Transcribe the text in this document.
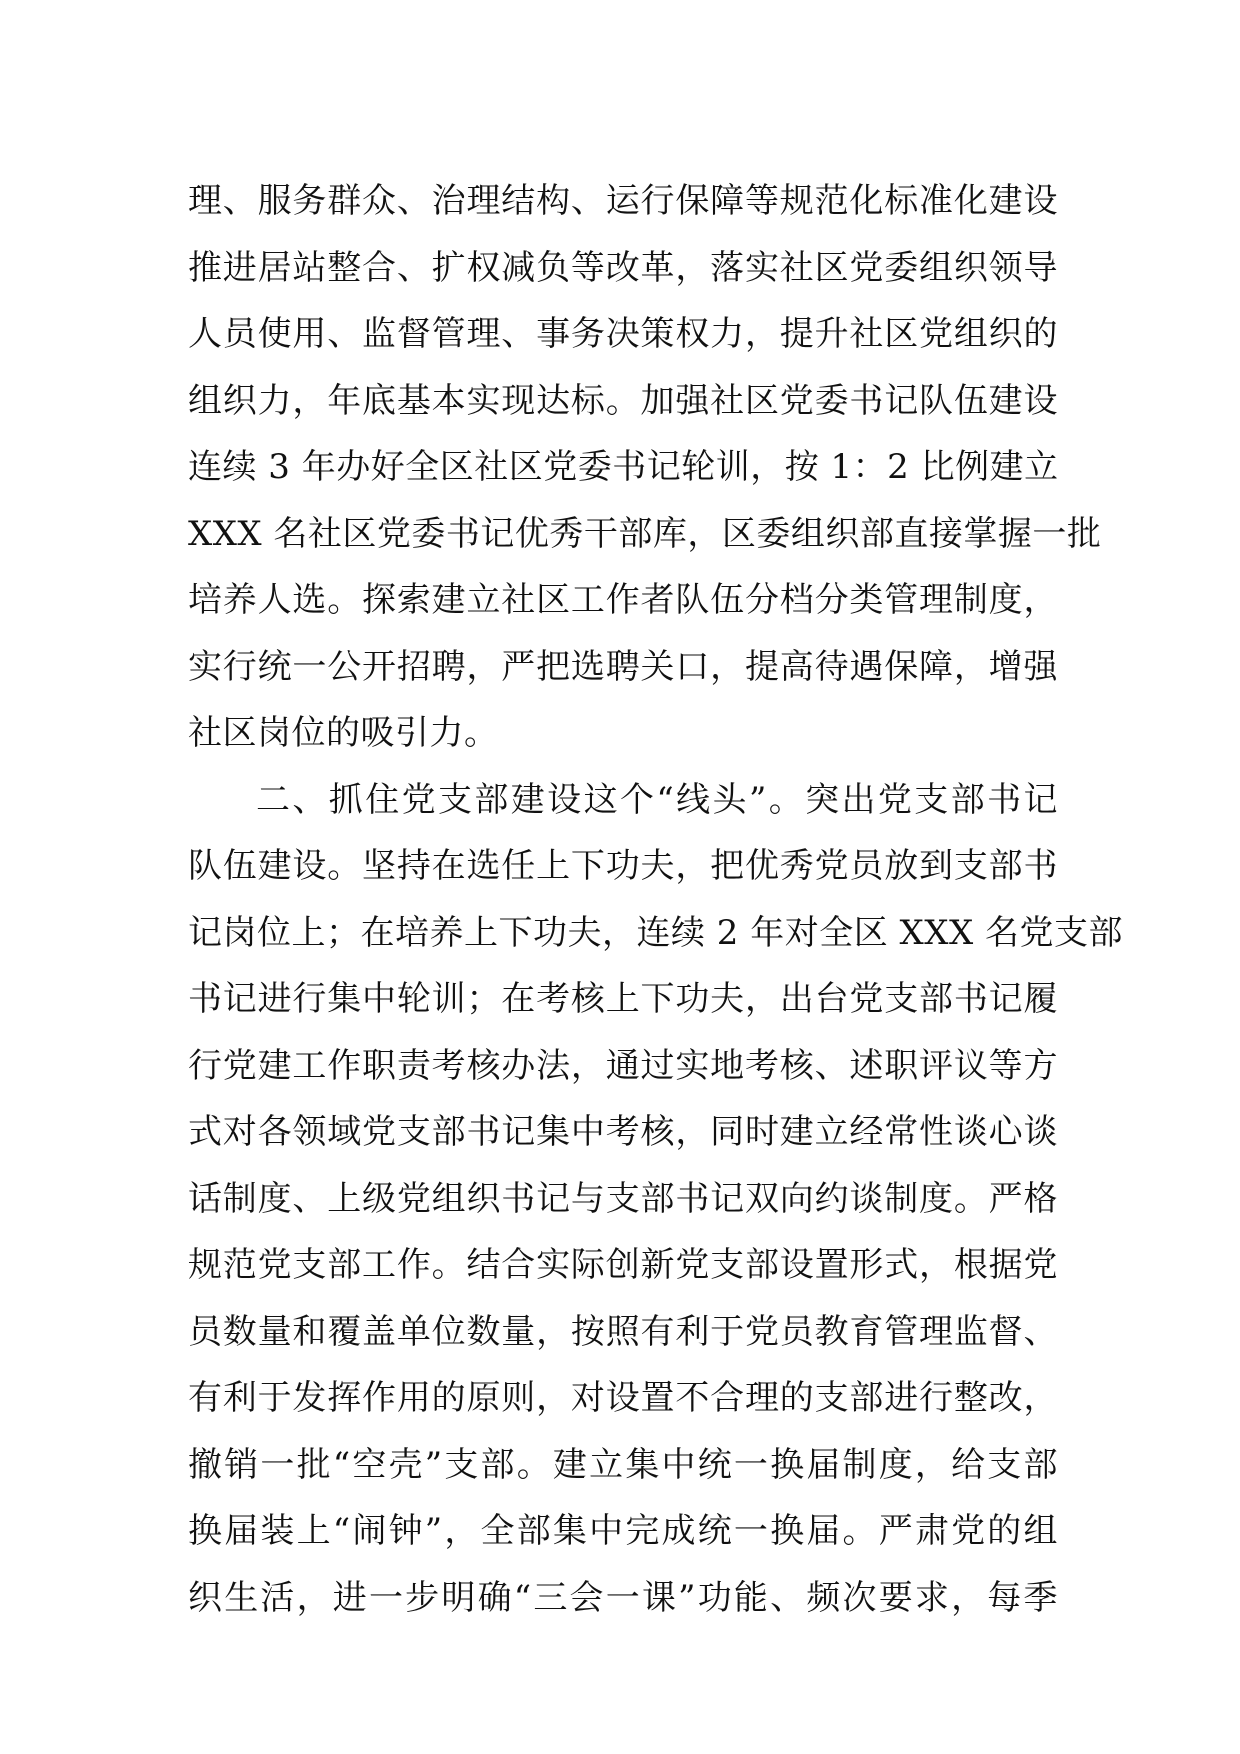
理、服务群众、治理结构、运行保障等规范化标准化建设
推进居站整合、扩权减负等改革，落实社区党委组织领导
人员使用、监督管理、事务决策权力，提升社区党组织的
组织力，年底基本实现达标。加强社区党委书记队伍建设
连续 3 年办好全区社区党委书记轮训，按 1：2 比例建立
XXX 名社区党委书记优秀干部库，区委组织部直接掌握一批
培养人选。探索建立社区工作者队伍分档分类管理制度，
实行统一公开招聘，严把选聘关口，提高待遇保障，增强
社区岗位的吸引力。
二、抓住党支部建设这个“线头”。突出党支部书记
队伍建设。坚持在选任上下功夫，把优秀党员放到支部书
记岗位上；在培养上下功夫，连续 2 年对全区 XXX 名党支部
书记进行集中轮训；在考核上下功夫，出台党支部书记履
行党建工作职责考核办法，通过实地考核、述职评议等方
式对各领域党支部书记集中考核，同时建立经常性谈心谈
话制度、上级党组织书记与支部书记双向约谈制度。严格
规范党支部工作。结合实际创新党支部设置形式，根据党
员数量和覆盖单位数量，按照有利于党员教育管理监督、
有利于发挥作用的原则，对设置不合理的支部进行整改，
撤销一批“空壳”支部。建立集中统一换届制度，给支部
换届装上“闹钟”，全部集中完成统一换届。严肃党的组
织生活，进一步明确“三会一课”功能、频次要求，每季
